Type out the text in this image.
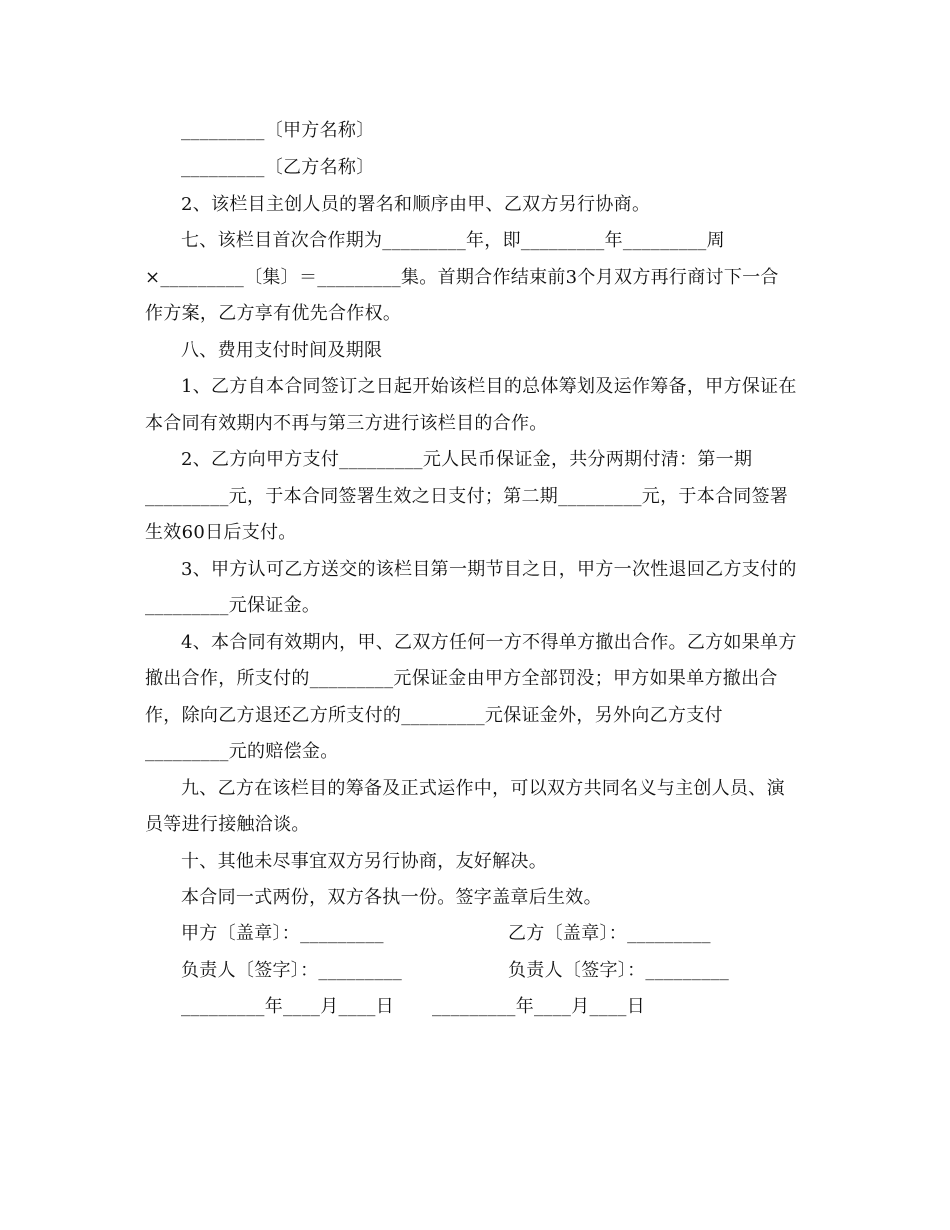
_________〔甲方名称〕
_________〔乙方名称〕
2、该栏目主创人员的署名和顺序由甲、乙双方另行协商。
七、该栏目首次合作期为_________年，即_________年_________周
×_________〔集〕＝_________集。首期合作结束前3个月双方再行商讨下一合
作方案，乙方享有优先合作权。
八、费用支付时间及期限
1、乙方自本合同签订之日起开始该栏目的总体筹划及运作筹备，甲方保证在
本合同有效期内不再与第三方进行该栏目的合作。
2、乙方向甲方支付_________元人民币保证金，共分两期付清：第一期
_________元，于本合同签署生效之日支付；第二期_________元，于本合同签署
生效60日后支付。
3、甲方认可乙方送交的该栏目第一期节目之日，甲方一次性退回乙方支付的
_________元保证金。
4、本合同有效期内，甲、乙双方任何一方不得单方撤出合作。乙方如果单方
撤出合作，所支付的_________元保证金由甲方全部罚没；甲方如果单方撤出合
作，除向乙方退还乙方所支付的_________元保证金外，另外向乙方支付
_________元的赔偿金。
九、乙方在该栏目的筹备及正式运作中，可以双方共同名义与主创人员、演
员等进行接触洽谈。
十、其他未尽事宜双方另行协商，友好解决。
本合同一式两份，双方各执一份。签字盖章后生效。
甲方〔盖章〕：_________	乙方〔盖章〕：_________
负责人〔签字〕：_________	负责人〔签字〕：_________
_________年____月____日 _________年____月____日
